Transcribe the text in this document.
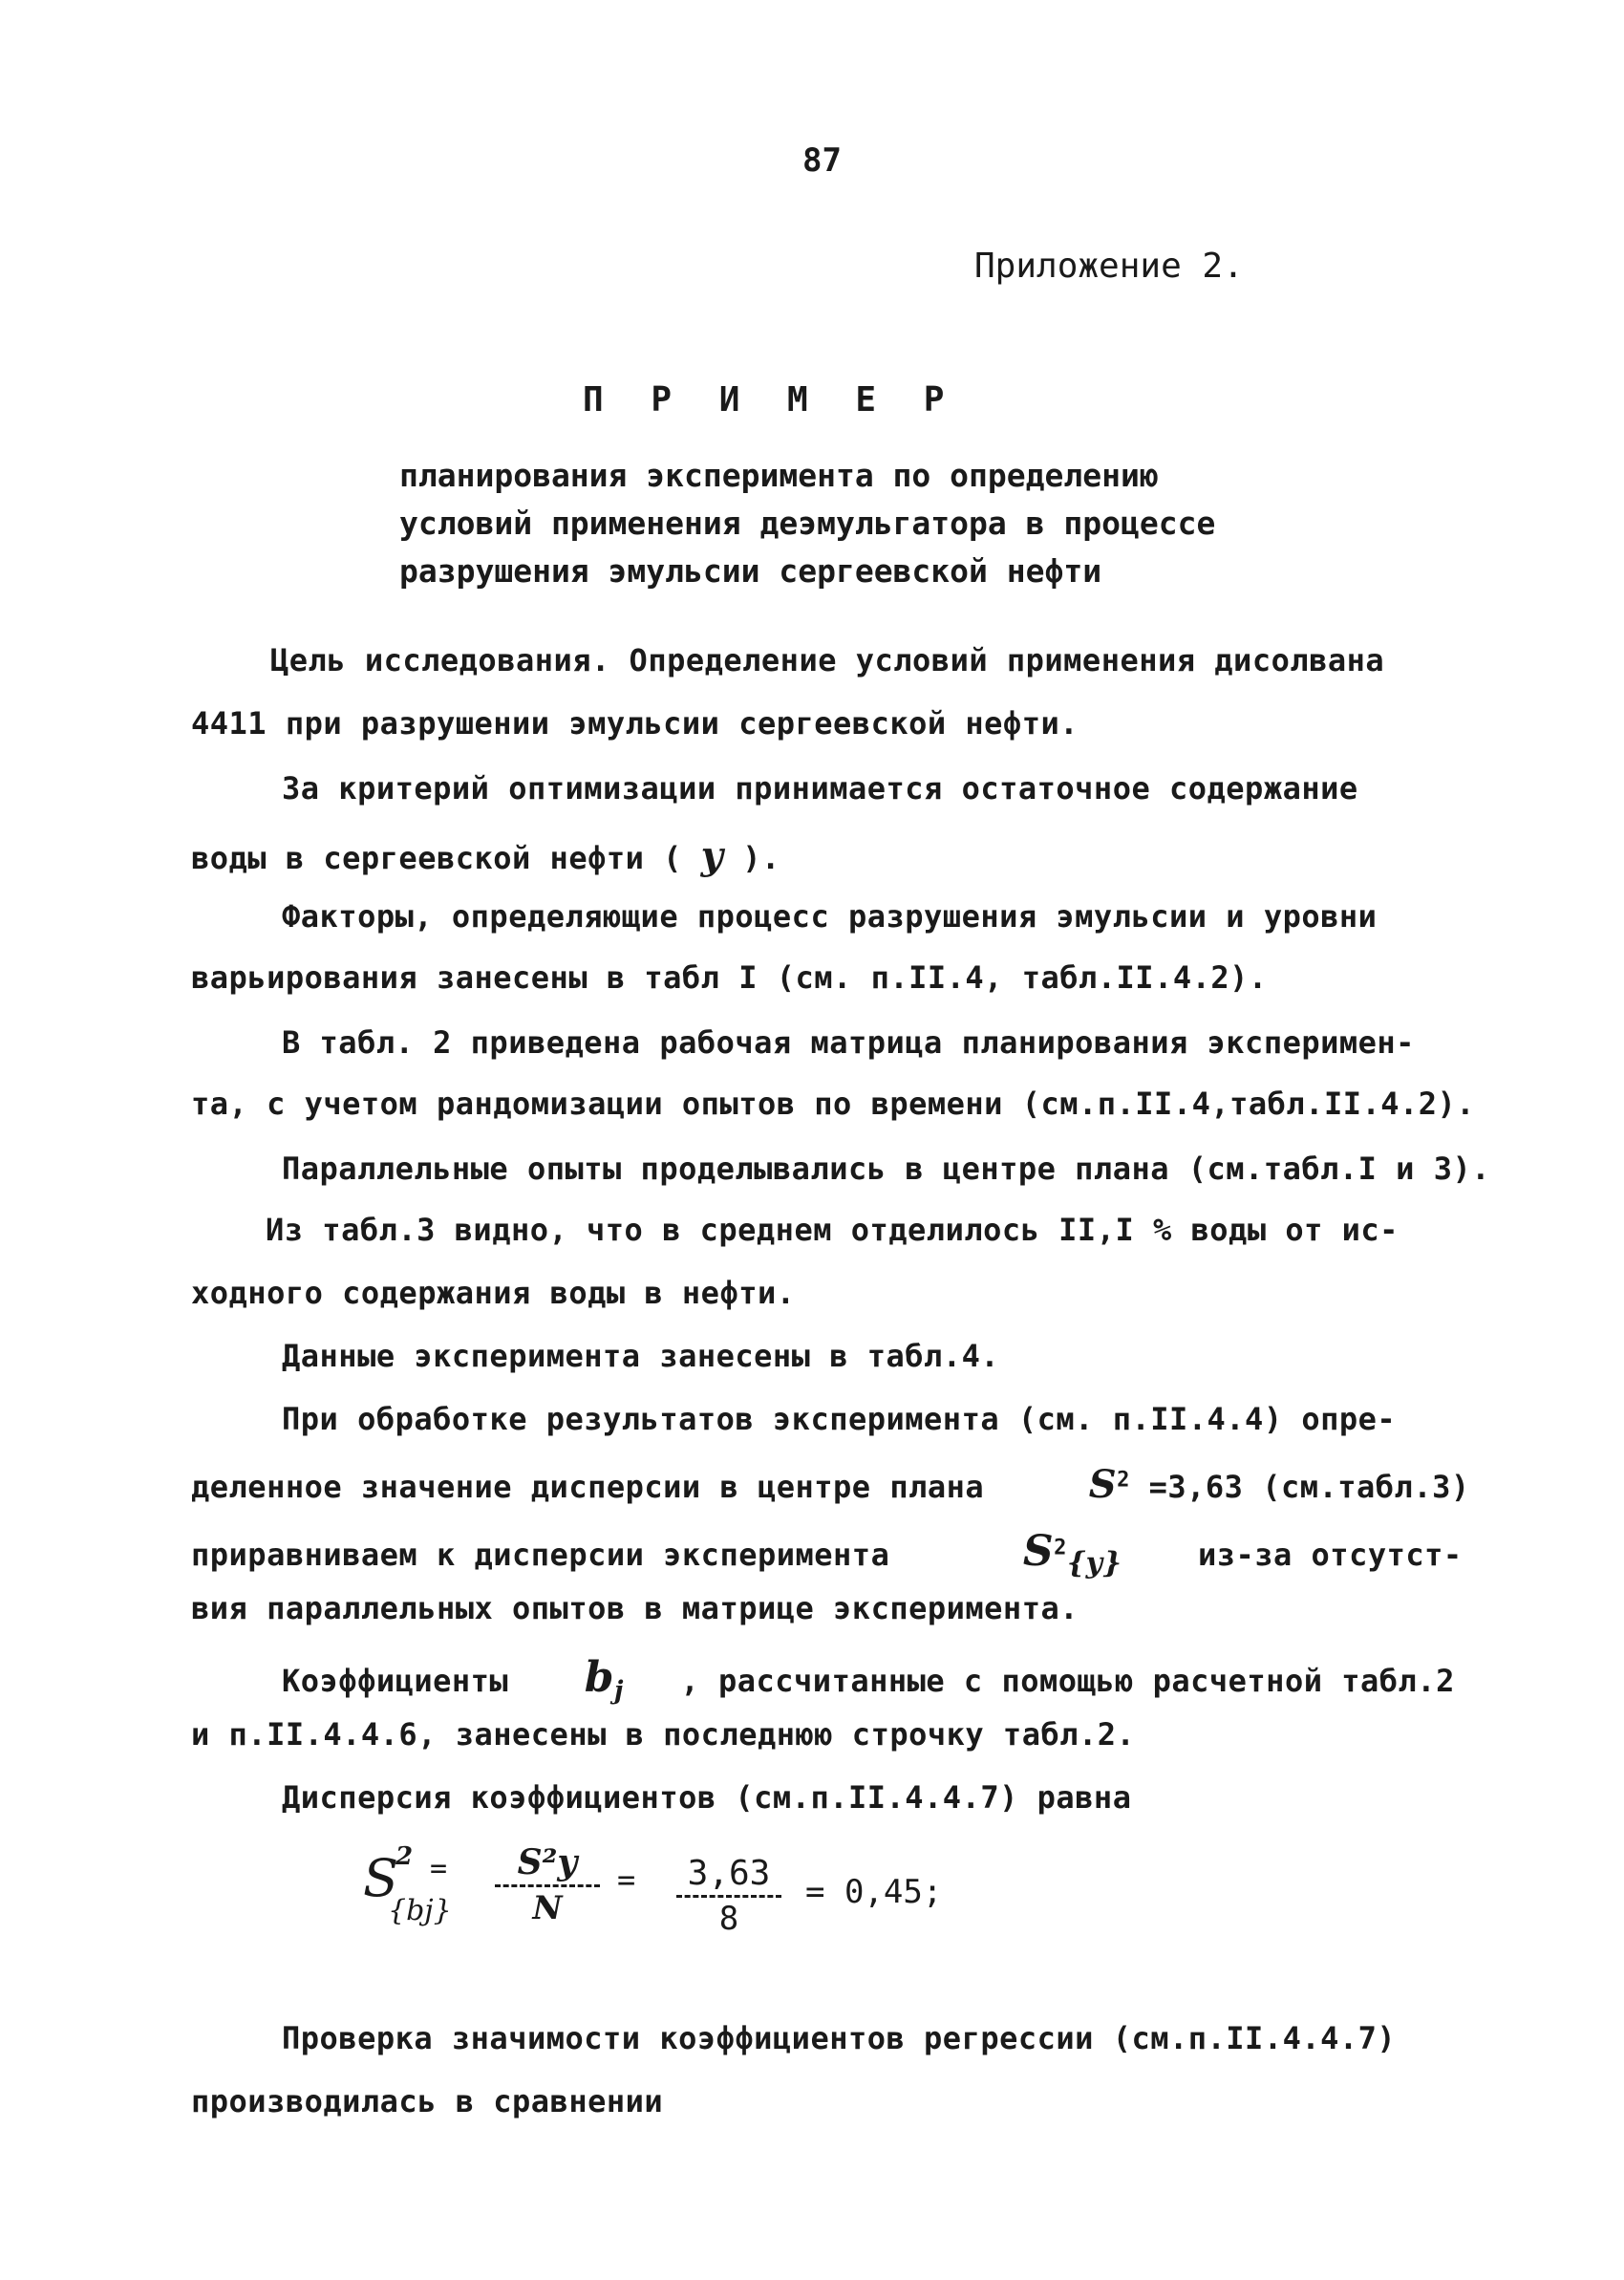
87
Приложение 2.
П Р И М Е Р
планирования эксперимента по определению
условий применения деэмульгатора в процессе
разрушения эмульсии сергеевской нефти
Цель исследования. Определение условий применения дисолвана
4411 при разрушении эмульсии сергеевской нефти.
За критерий оптимизации принимается остаточное содержание
воды в сергеевской нефти ( y ).
Факторы, определяющие процесс разрушения эмульсии и уровни
варьирования занесены в табл I (см. п.II.4, табл.II.4.2).
В табл. 2 приведена рабочая матрица планирования эксперимен-
та, с учетом рандомизации опытов по времени (см.п.II.4,табл.II.4.2).
Параллельные опыты проделывались в центре плана (см.табл.I и 3).
Из табл.3 видно, что в среднем отделилось II,I % воды от ис-
ходного содержания воды в нефти.
Данные эксперимента занесены в табл.4.
При обработке результатов эксперимента (см. п.II.4.4) опре-
деленное значение дисперсии в центре плана	$S^2 =3,63$ (см.табл.3)
приравниваем к дисперсии эксперимента	$S^2_{\{y\}}$ из-за отсутст-
вия параллельных опытов в матрице эксперимента.
Коэффициенты $b_j$ , рассчитанные с помощью расчетной табл.2
и п.II.4.4.6, занесены в последнюю строчку табл.2.
Дисперсия коэффициентов (см.п.II.4.4.7) равна
S
2
{bj}
=	S²y
N
=	3,63
8
= 0,45;
Проверка значимости коэффициентов регрессии (см.п.II.4.4.7)
производилась в сравнении
